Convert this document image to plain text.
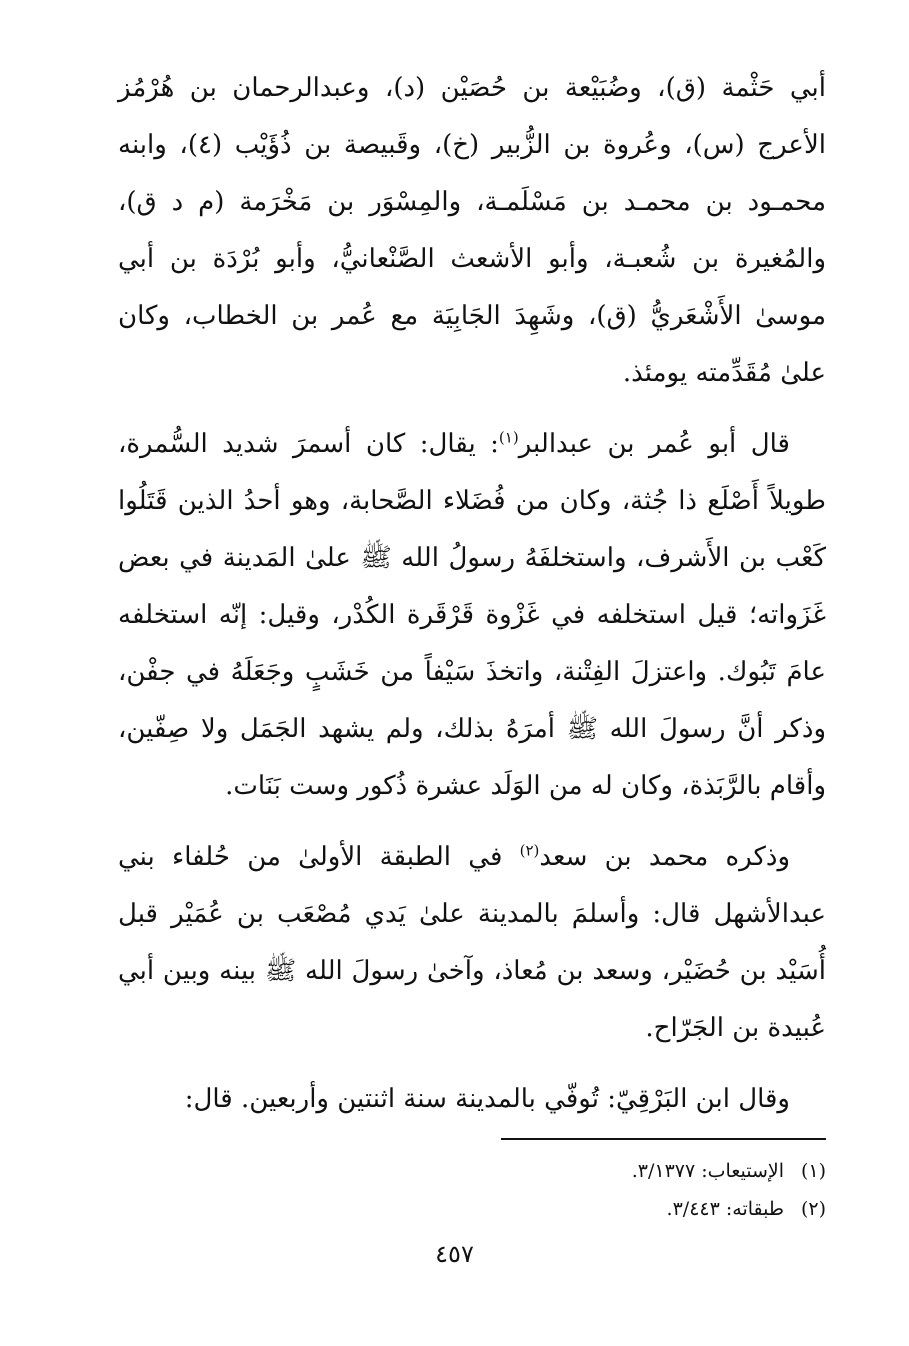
أبي حَثْمة (ق)، وضُبَيْعة بن حُصَيْن (د)، وعبدالرحمان بن هُرْمُز الأعرج (س)، وعُروة بن الزُّبير (خ)، وقَبيصة بن ذُؤَيْب (٤)، وابنه محمـود بن محمـد بن مَسْلَمـة، والمِسْوَر بن مَخْرَمة (م د ق)، والمُغيرة بن شُعبـة، وأبو الأشعث الصَّنْعانيُّ، وأبو بُرْدَة بن أبي موسىٰ الأَشْعَريُّ (ق)، وشَهِدَ الجَابِيَة مع عُمر بن الخطاب، وكان علىٰ مُقَدِّمته يومئذ.

قال أبو عُمر بن عبدالبر$^{(١)}$: يقال: كان أسمرَ شديد السُّمرة، طويلاً أَصْلَع ذا جُثة، وكان من فُضَلاء الصَّحابة، وهو أحدُ الذين قَتَلُوا كَعْب بن الأَشرف، واستخلفَهُ رسولُ الله ﷺ علىٰ المَدينة في بعض غَزَواته؛ قيل استخلفه في غَزْوة قَرْقَرة الكُدْر، وقيل: إنّه استخلفه عامَ تَبُوك. واعتزلَ الفِتْنة، واتخذَ سَيْفاً من خَشَبٍ وجَعَلَهُ في جفْن، وذكر أنَّ رسولَ الله ﷺ أمرَهُ بذلك، ولم يشهد الجَمَل ولا صِفّين، وأقام بالرَّبَذة، وكان له من الوَلَد عشرة ذُكور وست بَنَات.

وذكره محمد بن سعد$^{(٢)}$ في الطبقة الأولىٰ من حُلفاء بني عبدالأشهل قال: وأسلمَ بالمدينة علىٰ يَدي مُصْعَب بن عُمَيْر قبل أُسَيْد بن حُضَيْر، وسعد بن مُعاذ، وآخىٰ رسولَ الله ﷺ بينه وبين أبي عُبيدة بن الجَرّاح.

وقال ابن البَرْقِيّ: تُوفّي بالمدينة سنة اثنتين وأربعين. قال:

(١)الإستيعاب: ٣/١٣٧٧.
(٢)طبقاته: ٣/٤٤٣.
٤٥٧
